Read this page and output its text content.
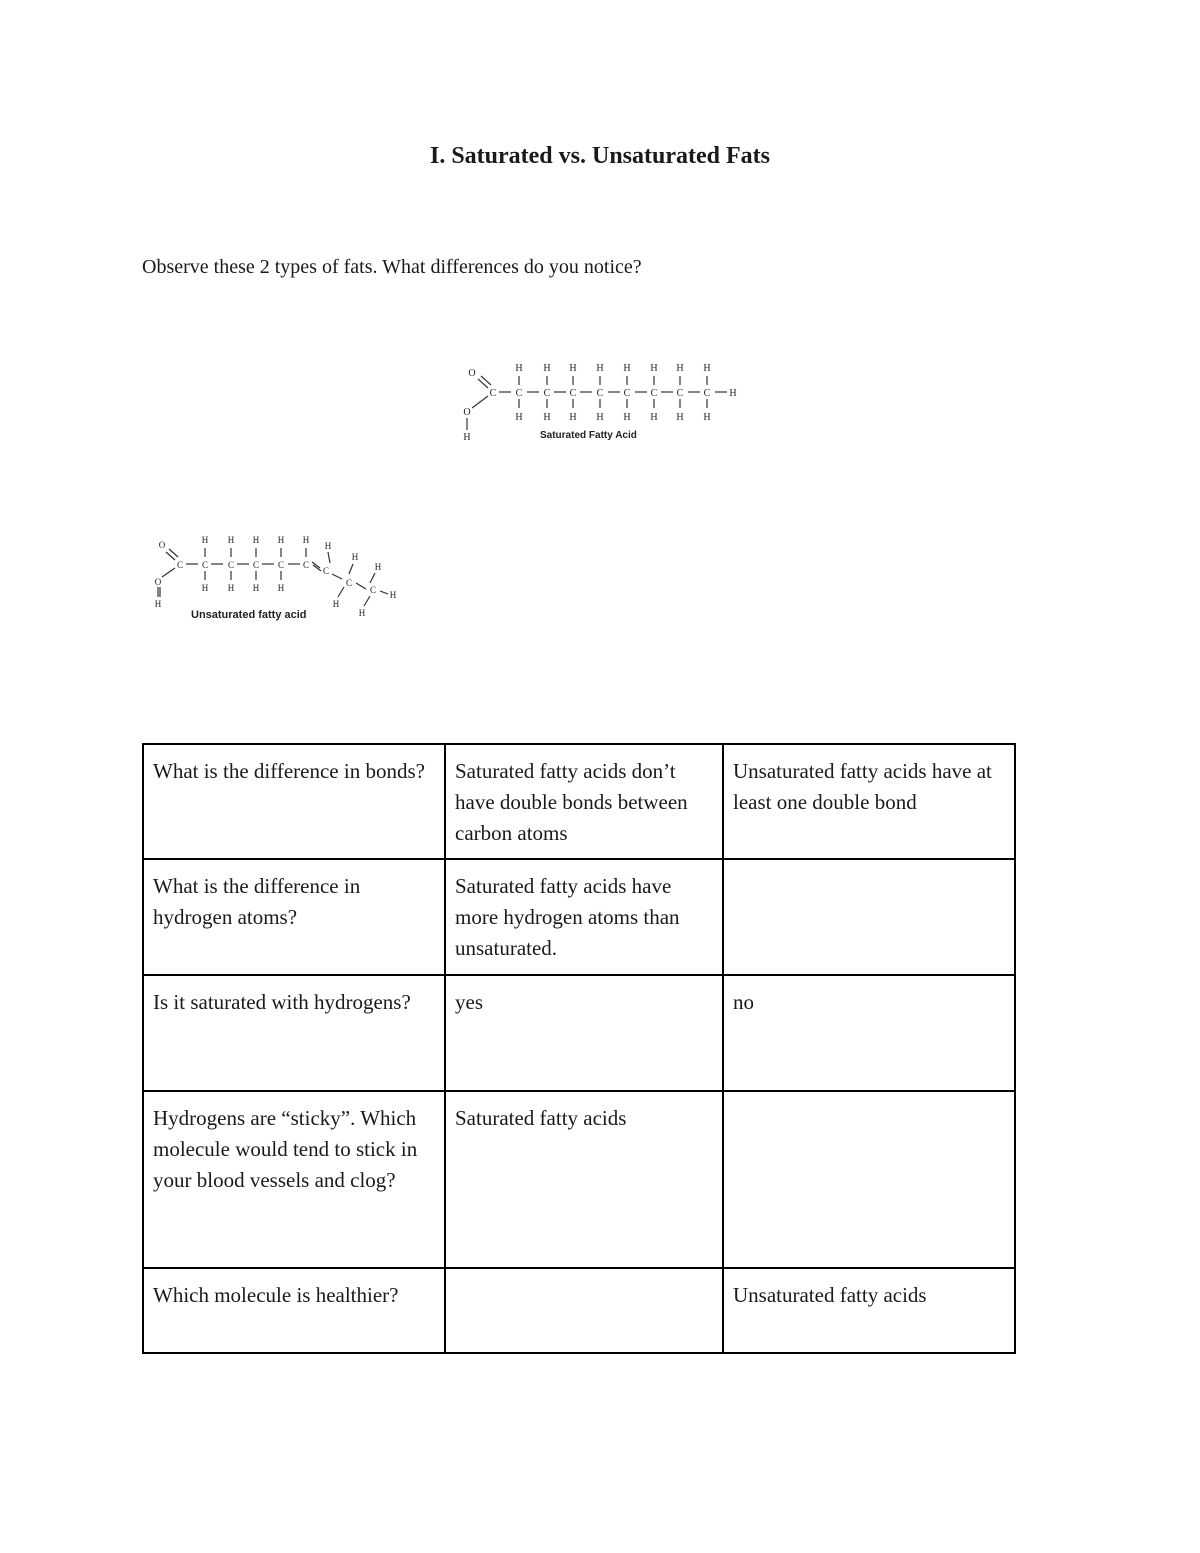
I. Saturated vs. Unsaturated Fats
Observe these 2 types of fats. What differences do you notice?
O
C
O
H
C
H
H
C
H
H
C
H
H
C
H
H
C
H
H
C
H
H
C
H
H
C
H
H
H
Saturated Fatty Acid
O
C
O
H
C
H
H
C
H
H
C
H
H
C
H
H
C
H
C
H
C
H
H
C
H
H
H
Unsaturated fatty acid
What is the difference in bonds?	Saturated fatty acids don’t have double bonds between carbon atoms	Unsaturated fatty acids have at least one double bond
What is the difference in hydrogen atoms?	Saturated fatty acids have more hydrogen atoms than unsaturated.	
Is it saturated with hydrogens?	yes	no
Hydrogens are “sticky”. Which molecule would tend to stick in your blood vessels and clog?	Saturated fatty acids	
Which molecule is healthier?		Unsaturated fatty acids
